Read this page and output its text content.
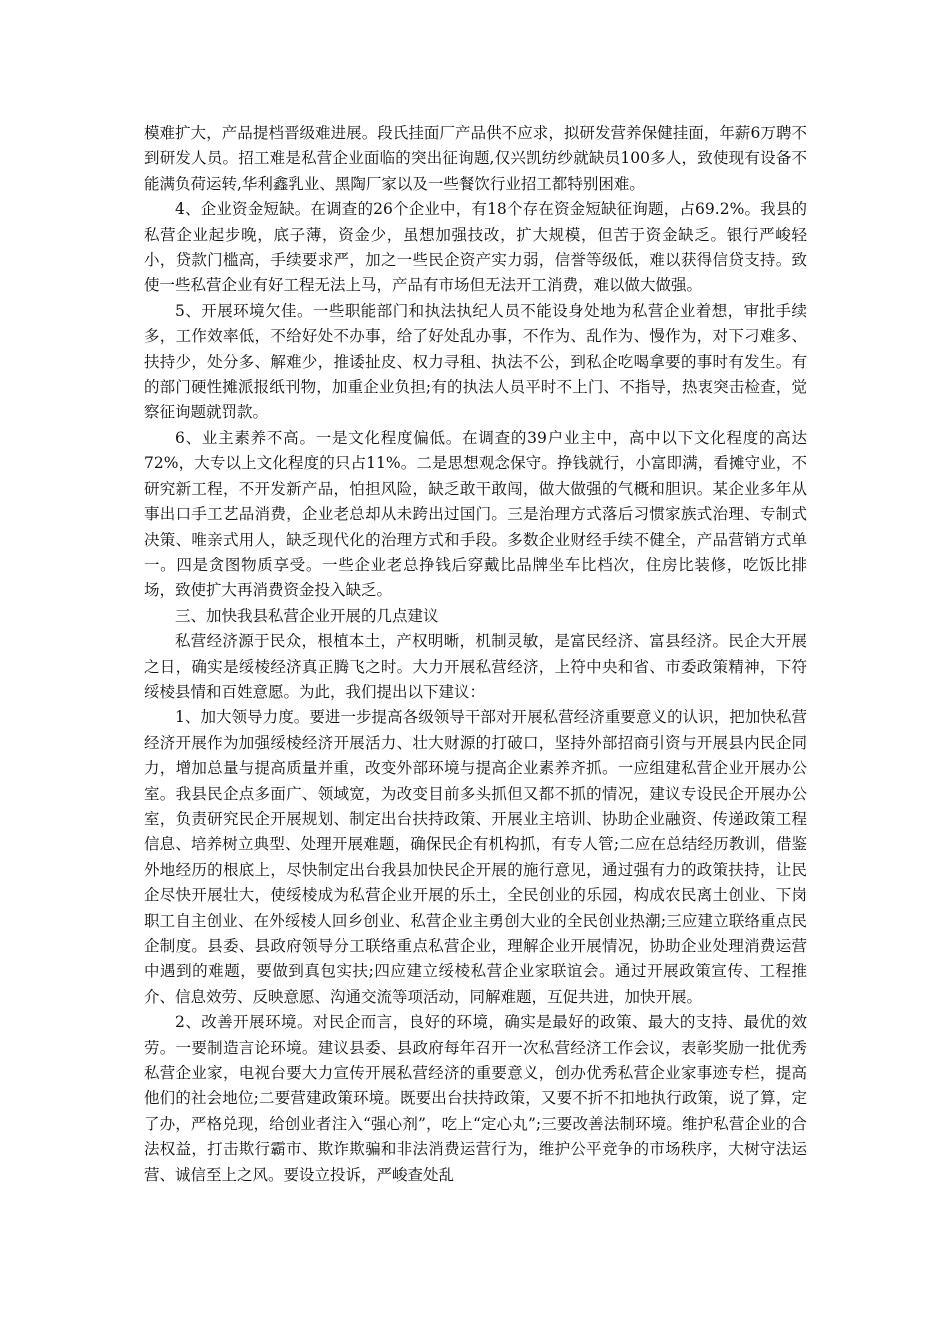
模难扩大，产品提档晋级难进展。段氏挂面厂产品供不应求，拟研发营养保健挂面，年薪6万聘不到研发人员。招工难是私营企业面临的突出征询题,仅兴凯纺纱就缺员100多人，致使现有设备不能满负荷运转,华利鑫乳业、黑陶厂家以及一些餐饮行业招工都特别困难。

4、企业资金短缺。在调查的26个企业中，有18个存在资金短缺征询题，占69.2%。我县的私营企业起步晚，底子薄，资金少，虽想加强技改，扩大规模，但苦于资金缺乏。银行严峻轻小，贷款门槛高，手续要求严，加之一些民企资产实力弱，信誉等级低，难以获得信贷支持。致使一些私营企业有好工程无法上马，产品有市场但无法开工消费，难以做大做强。

5、开展环境欠佳。一些职能部门和执法执纪人员不能设身处地为私营企业着想，审批手续多，工作效率低，不给好处不办事，给了好处乱办事，不作为、乱作为、慢作为，对下刁难多、扶持少，处分多、解难少，推诿扯皮、权力寻租、执法不公，到私企吃喝拿要的事时有发生。有的部门硬性摊派报纸刊物，加重企业负担;有的执法人员平时不上门、不指导，热衷突击检查，觉察征询题就罚款。

6、业主素养不高。一是文化程度偏低。在调查的39户业主中，高中以下文化程度的高达72%，大专以上文化程度的只占11%。二是思想观念保守。挣钱就行，小富即满，看摊守业，不研究新工程，不开发新产品，怕担风险，缺乏敢干敢闯，做大做强的气概和胆识。某企业多年从事出口手工艺品消费，企业老总却从未跨出过国门。三是治理方式落后习惯家族式治理、专制式决策、唯亲式用人，缺乏现代化的治理方式和手段。多数企业财经手续不健全，产品营销方式单一。四是贪图物质享受。一些企业老总挣钱后穿戴比品牌坐车比档次，住房比装修，吃饭比排场，致使扩大再消费资金投入缺乏。

三、加快我县私营企业开展的几点建议

私营经济源于民众，根植本土，产权明晰，机制灵敏，是富民经济、富县经济。民企大开展之日，确实是绥棱经济真正腾飞之时。大力开展私营经济，上符中央和省、市委政策精神，下符绥棱县情和百姓意愿。为此，我们提出以下建议：

1、加大领导力度。要进一步提高各级领导干部对开展私营经济重要意义的认识，把加快私营经济开展作为加强绥棱经济开展活力、壮大财源的打破口，坚持外部招商引资与开展县内民企同力，增加总量与提高质量并重，改变外部环境与提高企业素养齐抓。一应组建私营企业开展办公室。我县民企点多面广、领域宽，为改变目前多头抓但又都不抓的情况，建议专设民企开展办公室，负责研究民企开展规划、制定出台扶持政策、开展业主培训、协助企业融资、传递政策工程信息、培养树立典型、处理开展难题，确保民企有机构抓，有专人管;二应在总结经历教训，借鉴外地经历的根底上，尽快制定出台我县加快民企开展的施行意见，通过强有力的政策扶持，让民企尽快开展壮大，使绥棱成为私营企业开展的乐土，全民创业的乐园，构成农民离土创业、下岗职工自主创业、在外绥棱人回乡创业、私营企业主勇创大业的全民创业热潮;三应建立联络重点民企制度。县委、县政府领导分工联络重点私营企业，理解企业开展情况，协助企业处理消费运营中遇到的难题，要做到真包实扶;四应建立绥棱私营企业家联谊会。通过开展政策宣传、工程推介、信息效劳、反映意愿、沟通交流等项活动，同解难题，互促共进，加快开展。

2、改善开展环境。对民企而言，良好的环境，确实是最好的政策、最大的支持、最优的效劳。一要制造言论环境。建议县委、县政府每年召开一次私营经济工作会议，表彰奖励一批优秀私营企业家，电视台要大力宣传开展私营经济的重要意义，创办优秀私营企业家事迹专栏，提高他们的社会地位;二要营建政策环境。既要出台扶持政策，又要不折不扣地执行政策，说了算，定了办，严格兑现，给创业者注入“强心剂”，吃上“定心丸”;三要改善法制环境。维护私营企业的合法权益，打击欺行霸市、欺诈欺骗和非法消费运营行为，维护公平竞争的市场秩序，大树守法运营、诚信至上之风。要设立投诉，严峻查处乱
